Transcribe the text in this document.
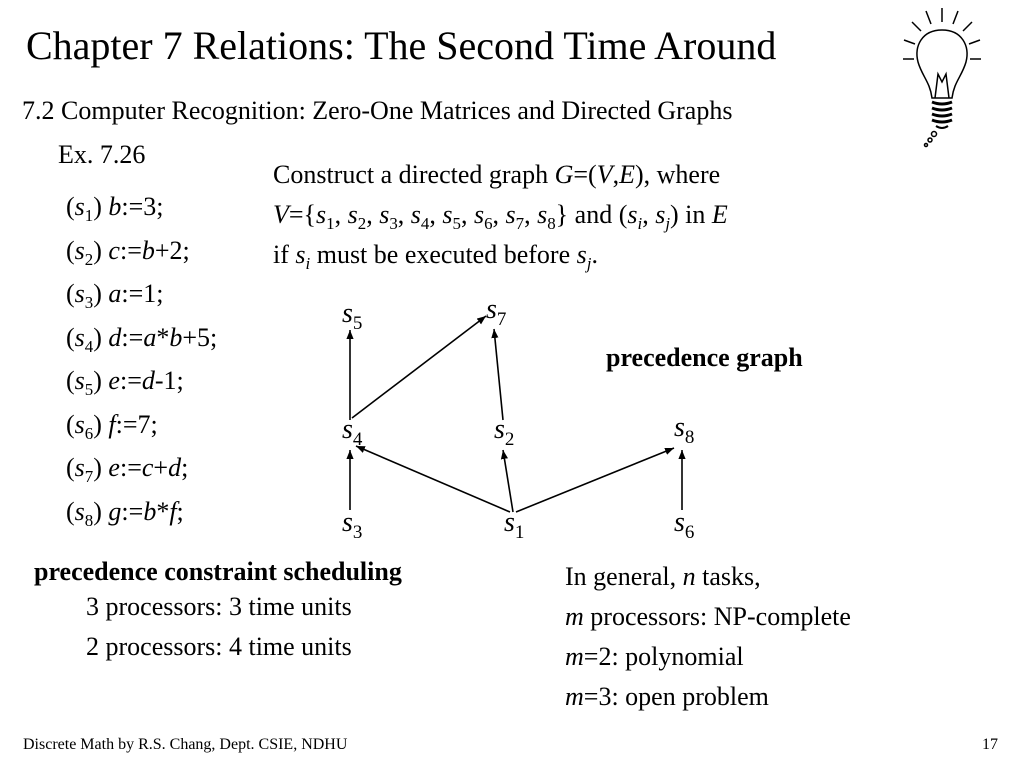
Chapter 7 Relations: The Second Time Around
7.2 Computer Recognition: Zero-One Matrices and Directed Graphs
Ex. 7.26
$(s_1)$ b:=3;
$(s_2)$ c:=b+2;
$(s_3)$ a:=1;
$(s_4)$ d:=a*b+5;
$(s_5)$ e:=d-1;
$(s_6)$ f:=7;
$(s_7)$ e:=c+d;
$(s_8)$ g:=b*f;
Construct a directed graph G=(V,E), where
$V=\{s_1$, $s_2$, $s_3$, $s_4$, $s_5$, $s_6$, $s_7$, $s_8$} and ($s_i$, $s_j$) in E
if $s_i$ must be executed before $s_j$.
$s_5$	$s_7$
$s_4$	$s_2$	$s_8$
$s_3$	$s_1$	$s_6$
precedence graph
precedence constraint scheduling
3 processors: 3 time units
2 processors: 4 time units
In general, n tasks,
m processors: NP-complete
m=2: polynomial
m=3: open problem
Discrete Math by R.S. Chang, Dept. CSIE, NDHU	17
